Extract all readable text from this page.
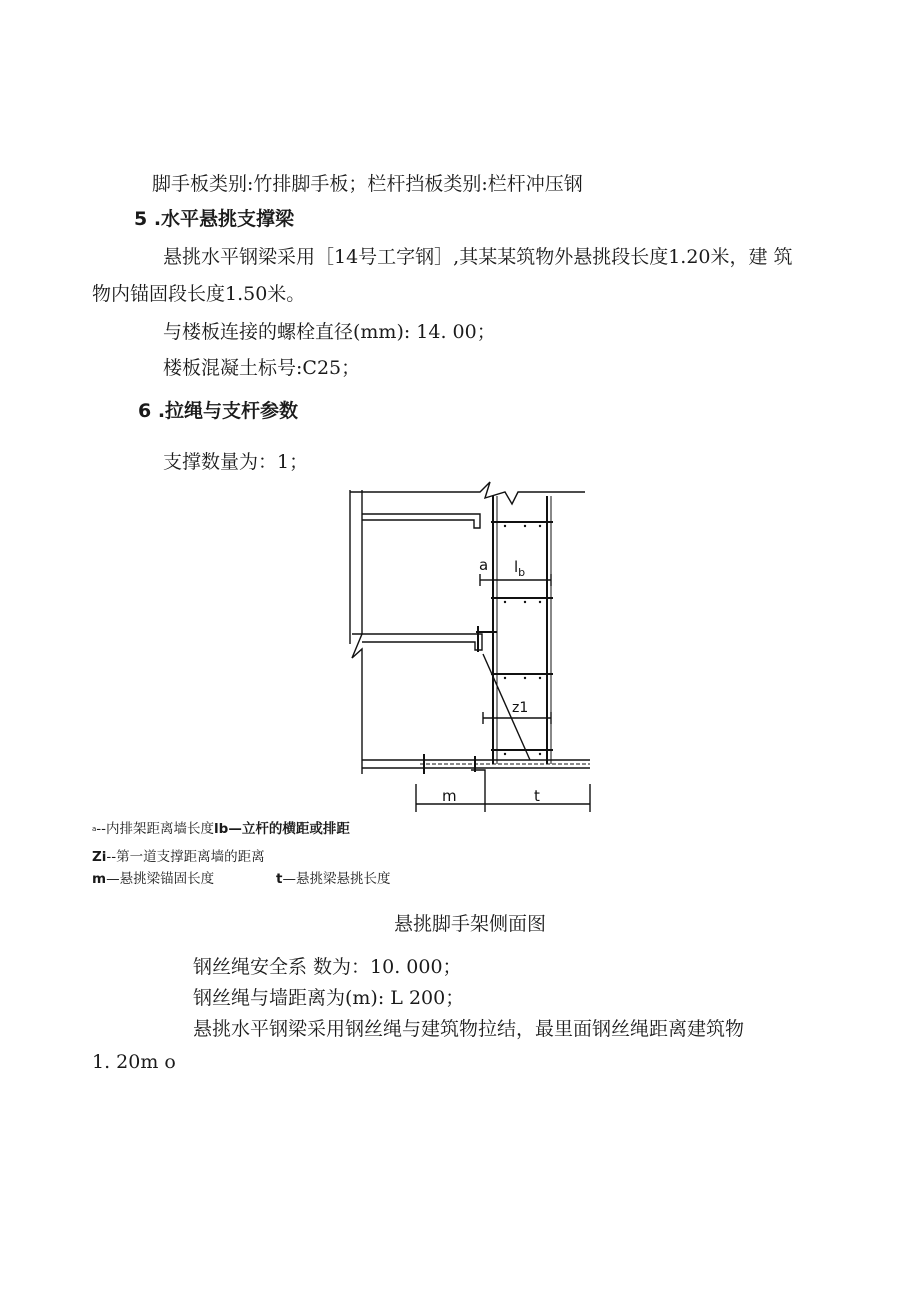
脚手板类别:竹排脚手板；栏杆挡板类别:栏杆冲压钢
5 .水平悬挑支撑梁
悬挑水平钢梁采用［14号工字钢］,其某某筑物外悬挑段长度1.20米，建 筑
物内锚固段长度1.50米。
与楼板连接的螺栓直径(mm): 14. 00；
楼板混凝土标号:C25；
6 .拉绳与支杆参数
支撑数量为：1；
a $l_b$
z1
m	t
$^a$--内排架距离墙长度lb—立杆的横距或排距
Zi--第一道支撑距离墙的距离
m—悬挑梁锚固长度	t—悬挑梁悬挑长度
悬挑脚手架侧面图
钢丝绳安全系 数为：10. 000；
钢丝绳与墙距离为(m): L 200；
悬挑水平钢梁采用钢丝绳与建筑物拉结，最里面钢丝绳距离建筑物
1. 20m o
